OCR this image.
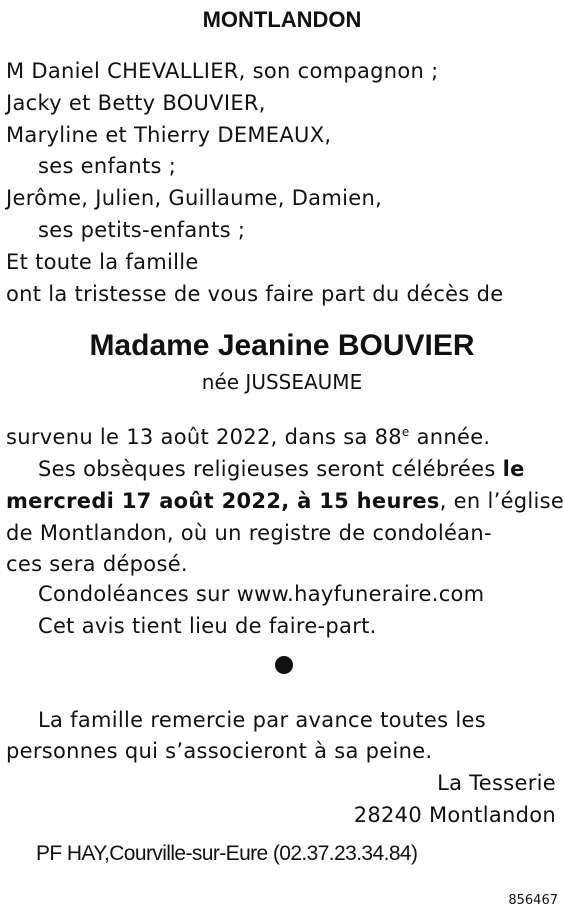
MONTLANDON
M Daniel CHEVALLIER, son compagnon ;
Jacky et Betty BOUVIER,
Maryline et Thierry DEMEAUX,
ses enfants ;
Jerôme, Julien, Guillaume, Damien,
ses petits-enfants ;
Et toute la famille
ont la tristesse de vous faire part du décès de
Madame Jeanine BOUVIER
née JUSSEAUME
survenu le 13 août 2022, dans sa 88e année.
Ses obsèques religieuses seront célébrées le
mercredi 17 août 2022, à 15 heures, en l’église
de Montlandon, où un registre de condoléan-
ces sera déposé.
Condoléances sur www.hayfuneraire.com
Cet avis tient lieu de faire-part.
La famille remercie par avance toutes les
personnes qui s’associeront à sa peine.
La Tesserie
28240 Montlandon
PF HAY,Courville-sur-Eure (02.37.23.34.84)
856467
